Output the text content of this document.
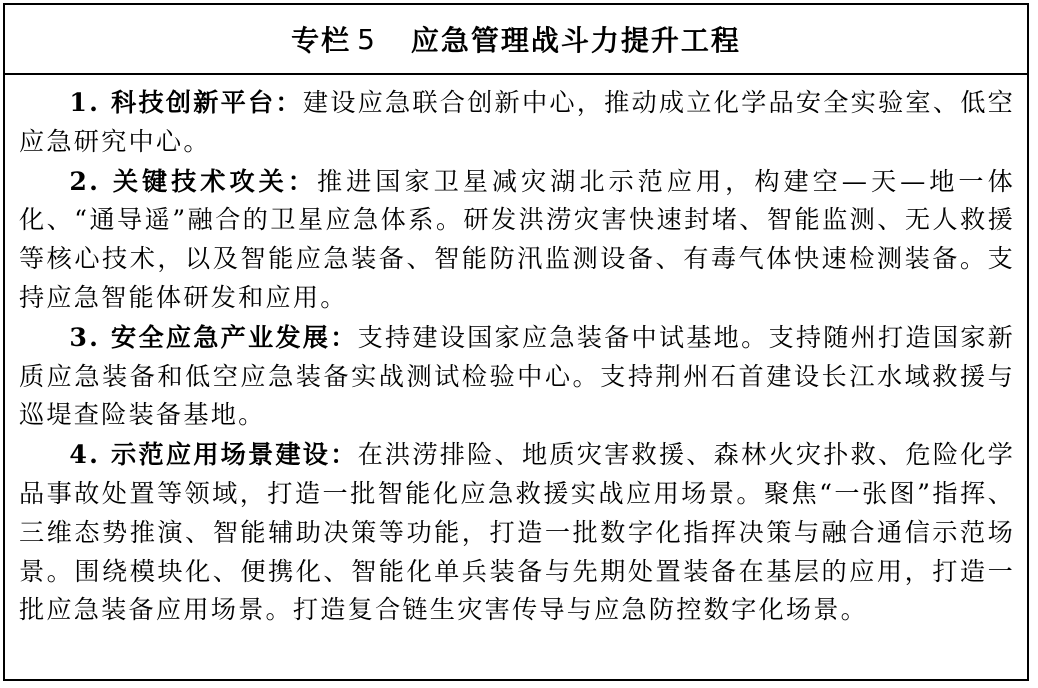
专栏 5 应急管理战斗力提升工程

1. 科技创新平台：建设应急联合创新中心，推动成立化学品安全实验室、低空应急研究中心。

2. 关键技术攻关：推进国家卫星减灾湖北示范应用，构建空—天—地一体化、“通导遥”融合的卫星应急体系。研发洪涝灾害快速封堵、智能监测、无人救援等核心技术，以及智能应急装备、智能防汛监测设备、有毒气体快速检测装备。支持应急智能体研发和应用。

3. 安全应急产业发展：支持建设国家应急装备中试基地。支持随州打造国家新质应急装备和低空应急装备实战测试检验中心。支持荆州石首建设长江水域救援与巡堤查险装备基地。

4. 示范应用场景建设：在洪涝排险、地质灾害救援、森林火灾扑救、危险化学品事故处置等领域，打造一批智能化应急救援实战应用场景。聚焦“一张图”指挥、三维态势推演、智能辅助决策等功能，打造一批数字化指挥决策与融合通信示范场景。围绕模块化、便携化、智能化单兵装备与先期处置装备在基层的应用，打造一批应急装备应用场景。打造复合链生灾害传导与应急防控数字化场景。
